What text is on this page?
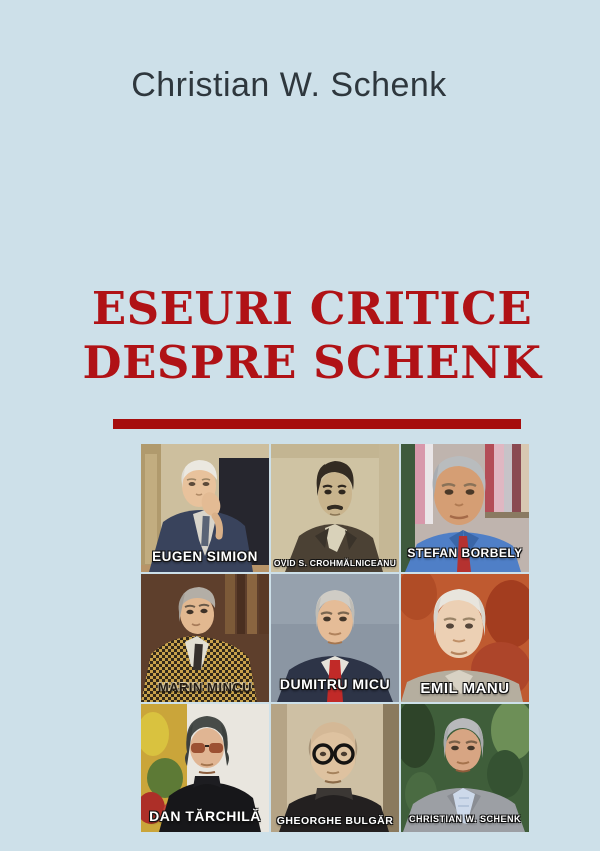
Christian W. Schenk
ESEURI CRITICE
DESPRE SCHENK
EUGEN SIMION	OVID S. CROHMĂLNICEANU
STEFAN BORBELY
MARIN MINCU	DUMITRU MICU	EMIL MANU
DAN TĂRCHILĂ	GHEORGHE BULGĂR	CHRISTIAN W. SCHENK
